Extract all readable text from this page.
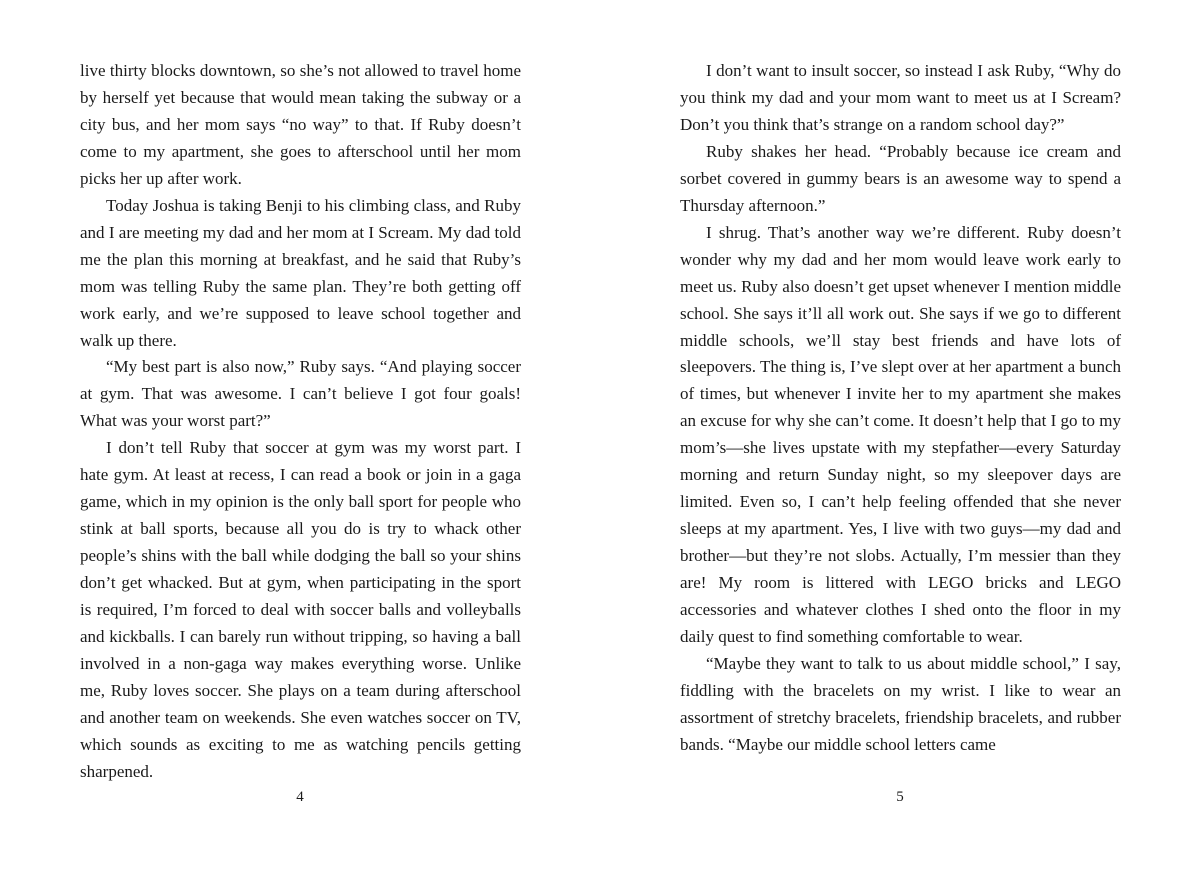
live thirty blocks downtown, so she’s not allowed to travel home by herself yet because that would mean taking the subway or a city bus, and her mom says “no way” to that. If Ruby doesn’t come to my apartment, she goes to afterschool until her mom picks her up after work.

Today Joshua is taking Benji to his climbing class, and Ruby and I are meeting my dad and her mom at I Scream. My dad told me the plan this morning at breakfast, and he said that Ruby’s mom was telling Ruby the same plan. They’re both getting off work early, and we’re supposed to leave school together and walk up there.

“My best part is also now,” Ruby says. “And playing soccer at gym. That was awesome. I can’t believe I got four goals! What was your worst part?”

I don’t tell Ruby that soccer at gym was my worst part. I hate gym. At least at recess, I can read a book or join in a gaga game, which in my opinion is the only ball sport for people who stink at ball sports, because all you do is try to whack other people’s shins with the ball while dodging the ball so your shins don’t get whacked. But at gym, when participating in the sport is required, I’m forced to deal with soccer balls and volleyballs and kickballs. I can barely run without tripping, so having a ball involved in a non-gaga way makes everything worse. Unlike me, Ruby loves soccer. She plays on a team during afterschool and another team on weekends. She even watches soccer on TV, which sounds as exciting to me as watching pencils getting sharpened.

4

I don’t want to insult soccer, so instead I ask Ruby, “Why do you think my dad and your mom want to meet us at I Scream? Don’t you think that’s strange on a random school day?”

Ruby shakes her head. “Probably because ice cream and sorbet covered in gummy bears is an awesome way to spend a Thursday afternoon.”

I shrug. That’s another way we’re different. Ruby doesn’t wonder why my dad and her mom would leave work early to meet us. Ruby also doesn’t get upset whenever I mention middle school. She says it’ll all work out. She says if we go to different middle schools, we’ll stay best friends and have lots of sleepovers. The thing is, I’ve slept over at her apartment a bunch of times, but whenever I invite her to my apartment she makes an excuse for why she can’t come. It doesn’t help that I go to my mom’s—she lives upstate with my stepfather—every Saturday morning and return Sunday night, so my sleepover days are limited. Even so, I can’t help feeling offended that she never sleeps at my apartment. Yes, I live with two guys—my dad and brother—but they’re not slobs. Actually, I’m messier than they are! My room is littered with LEGO bricks and LEGO accessories and whatever clothes I shed onto the floor in my daily quest to find something comfortable to wear.

“Maybe they want to talk to us about middle school,” I say, fiddling with the bracelets on my wrist. I like to wear an assortment of stretchy bracelets, friendship bracelets, and rubber bands. “Maybe our middle school letters came

5
